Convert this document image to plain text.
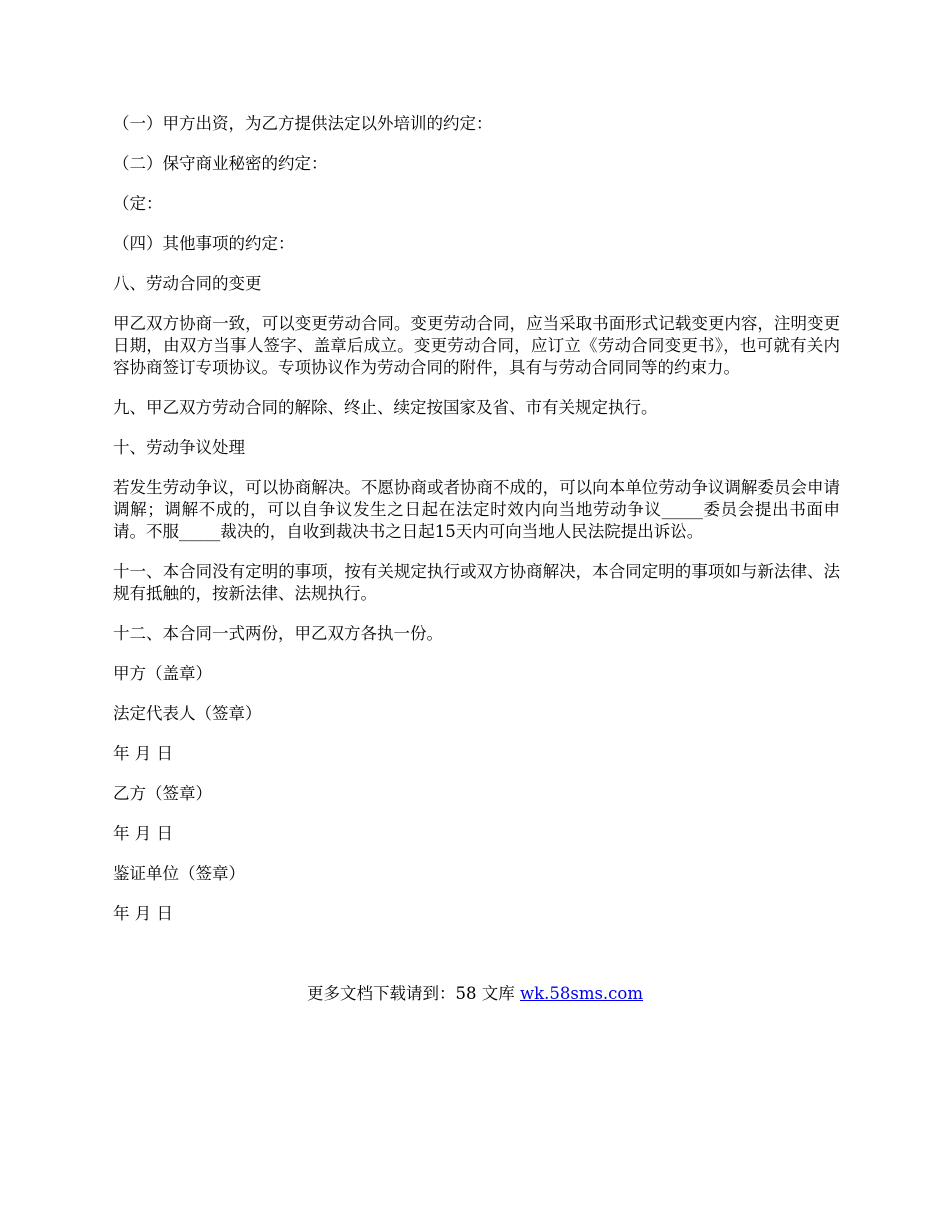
（一）甲方出资，为乙方提供法定以外培训的约定：

（二）保守商业秘密的约定：

（定：

（四）其他事项的约定：

八、劳动合同的变更

甲乙双方协商一致，可以变更劳动合同。变更劳动合同，应当采取书面形式记载变更内容，注明变更日期，由双方当事人签字、盖章后成立。变更劳动合同，应订立《劳动合同变更书》，也可就有关内容协商签订专项协议。专项协议作为劳动合同的附件，具有与劳动合同同等的约束力。

九、甲乙双方劳动合同的解除、终止、续定按国家及省、市有关规定执行。

十、劳动争议处理

若发生劳动争议，可以协商解决。不愿协商或者协商不成的，可以向本单位劳动争议调解委员会申请调解；调解不成的，可以自争议发生之日起在法定时效内向当地劳动争议_____委员会提出书面申请。不服_____裁决的，自收到裁决书之日起15天内可向当地人民法院提出诉讼。

十一、本合同没有定明的事项，按有关规定执行或双方协商解决，本合同定明的事项如与新法律、法规有抵触的，按新法律、法规执行。

十二、本合同一式两份，甲乙双方各执一份。

甲方（盖章）

法定代表人（签章）

年 月 日

乙方（签章）

年 月 日

鉴证单位（签章）

年 月 日

更多文档下载请到：58 文库 wk.58sms.com
